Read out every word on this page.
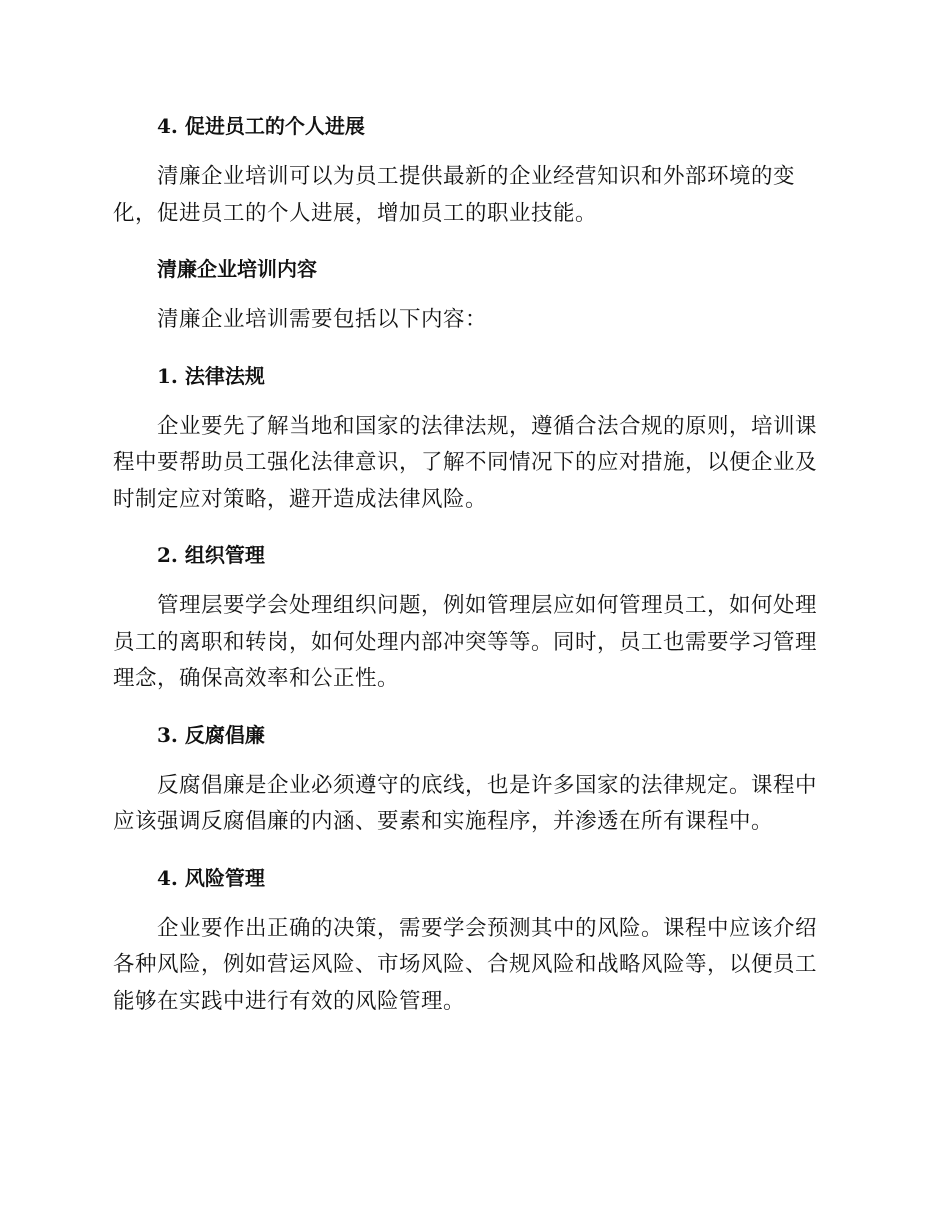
4. 促进员工的个人进展

清廉企业培训可以为员工提供最新的企业经营知识和外部环境的变化，促进员工的个人进展，增加员工的职业技能。

清廉企业培训内容

清廉企业培训需要包括以下内容：

1. 法律法规

企业要先了解当地和国家的法律法规，遵循合法合规的原则，培训课程中要帮助员工强化法律意识，了解不同情况下的应对措施，以便企业及时制定应对策略，避开造成法律风险。

2. 组织管理

管理层要学会处理组织问题，例如管理层应如何管理员工，如何处理员工的离职和转岗，如何处理内部冲突等等。同时，员工也需要学习管理理念，确保高效率和公正性。

3. 反腐倡廉

反腐倡廉是企业必须遵守的底线，也是许多国家的法律规定。课程中应该强调反腐倡廉的内涵、要素和实施程序，并渗透在所有课程中。

4. 风险管理

企业要作出正确的决策，需要学会预测其中的风险。课程中应该介绍各种风险，例如营运风险、市场风险、合规风险和战略风险等，以便员工能够在实践中进行有效的风险管理。
